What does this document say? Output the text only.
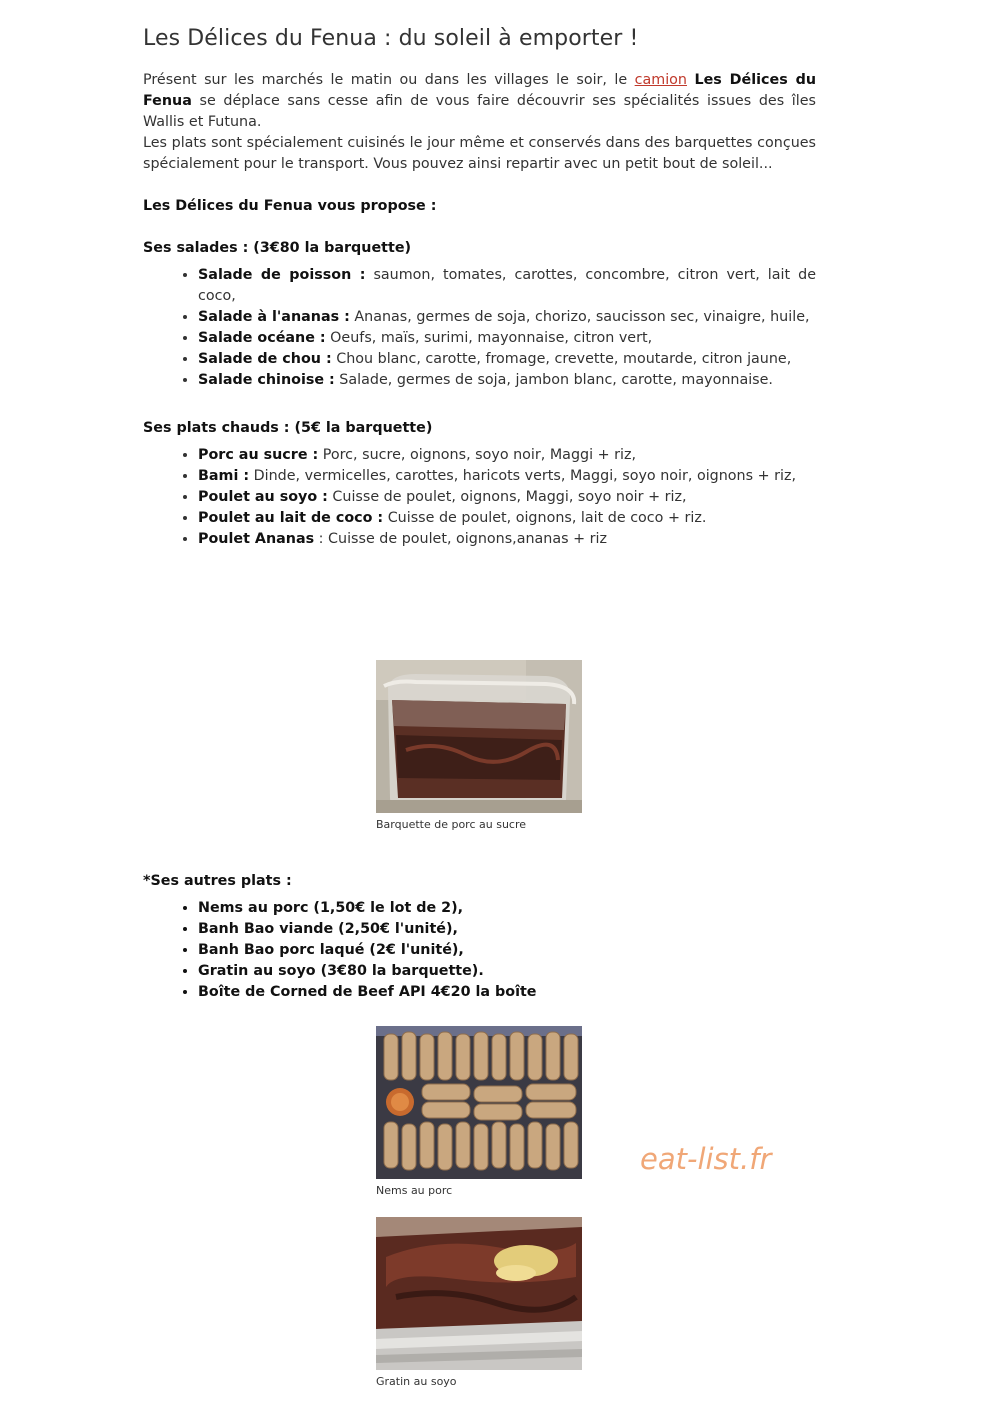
Les Délices du Fenua : du soleil à emporter !

Présent sur les marchés le matin ou dans les villages le soir, le camion Les Délices du Fenua se déplace sans cesse afin de vous faire découvrir ses spécialités issues des îles Wallis et Futuna.
Les plats sont spécialement cuisinés le jour même et conservés dans des barquettes conçues spécialement pour le transport. Vous pouvez ainsi repartir avec un petit bout de soleil...

Les Délices du Fenua vous propose :

Ses salades : (3€80 la barquette)

• Salade de poisson : saumon, tomates, carottes, concombre, citron vert, lait de coco,
• Salade à l'ananas : Ananas, germes de soja, chorizo, saucisson sec, vinaigre, huile,
• Salade océane : Oeufs, maïs, surimi, mayonnaise, citron vert,
• Salade de chou : Chou blanc, carotte, fromage, crevette, moutarde, citron jaune,
• Salade chinoise : Salade, germes de soja, jambon blanc, carotte, mayonnaise.

Ses plats chauds : (5€ la barquette)

• Porc au sucre : Porc, sucre, oignons, soyo noir, Maggi + riz,
• Bami : Dinde, vermicelles, carottes, haricots verts, Maggi, soyo noir, oignons + riz,
• Poulet au soyo : Cuisse de poulet, oignons, Maggi, soyo noir + riz,
• Poulet au lait de coco : Cuisse de poulet, oignons, lait de coco + riz.
• Poulet Ananas : Cuisse de poulet, oignons,ananas + riz
Barquette de porc au sucre

*Ses autres plats :

• Nems au porc (1,50€ le lot de 2),
• Banh Bao viande (2,50€ l'unité),
• Banh Bao porc laqué (2€ l'unité),
• Gratin au soyo (3€80 la barquette).
• Boîte de Corned de Beef API 4€20 la boîte
Nems au porc
Gratin au soyo
eat-list.fr
